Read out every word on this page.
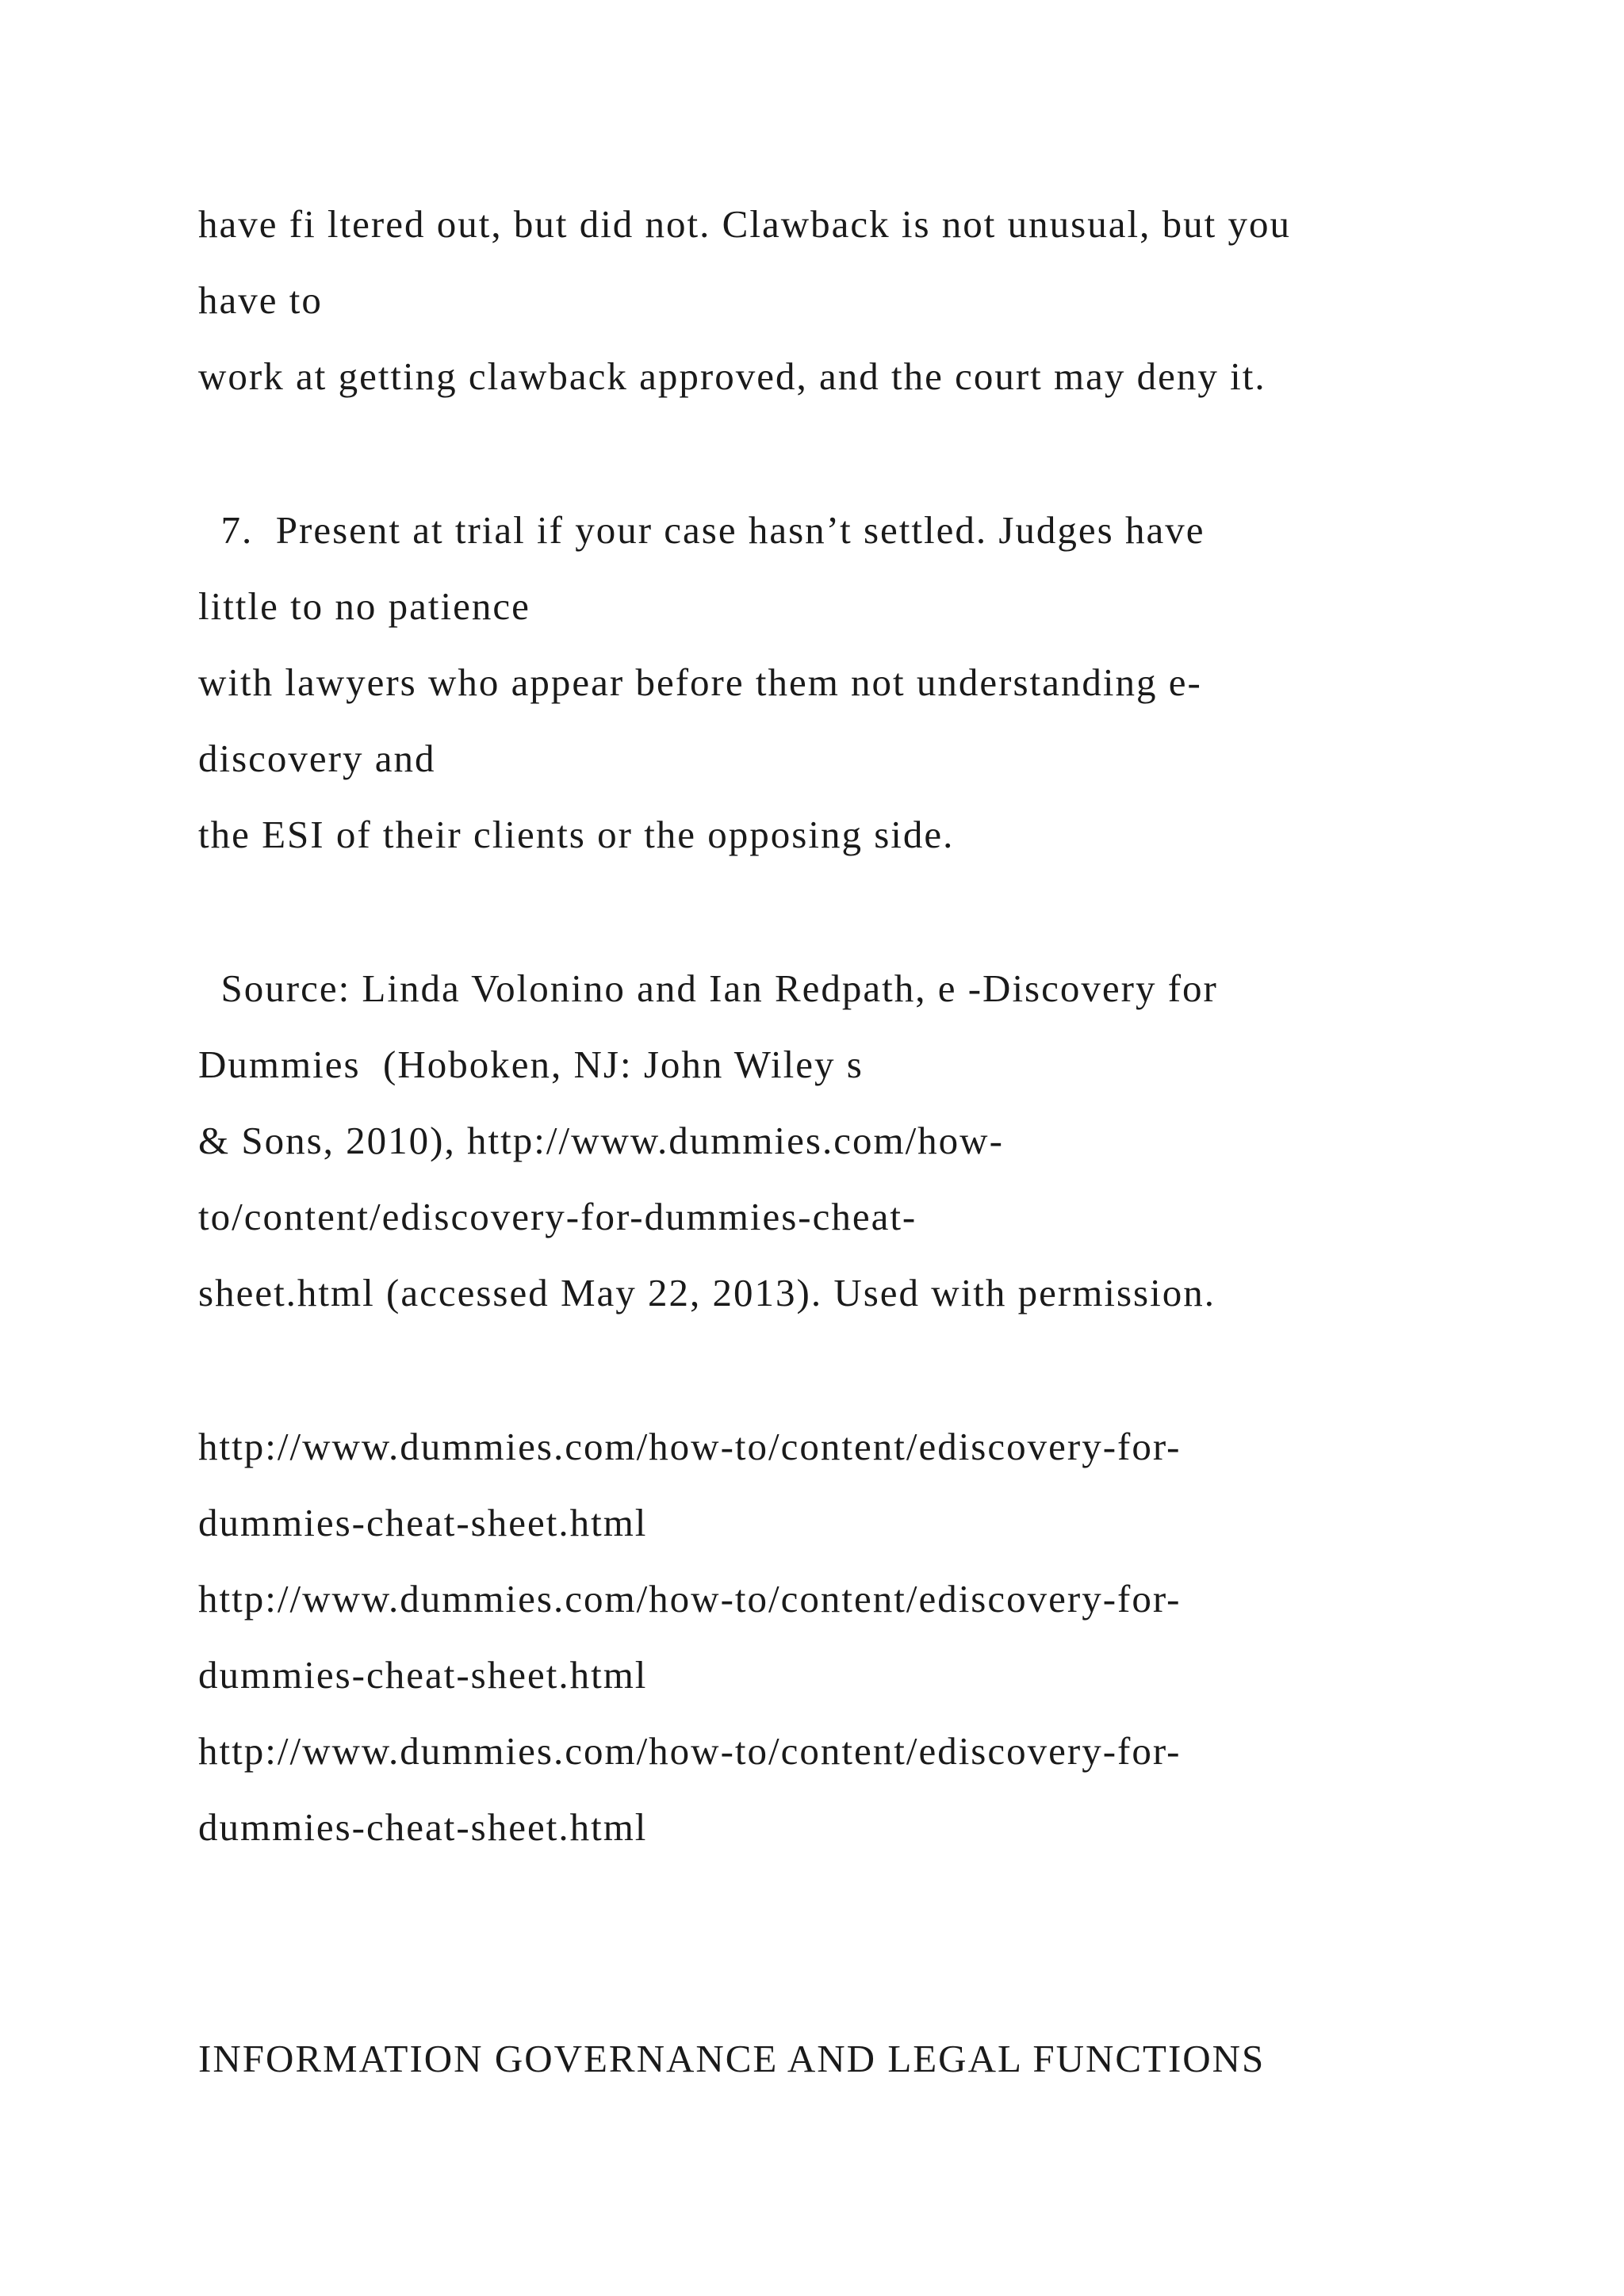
have fi ltered out, but did not. Clawback is not unusual, but you
have to
work at getting clawback approved, and the court may deny it.
7.  Present at trial if your case hasn’t settled. Judges have
little to no patience
with lawyers who appear before them not understanding e-
discovery and
the ESI of their clients or the opposing side.
Source: Linda Volonino and Ian Redpath, e -Discovery for
Dummies  (Hoboken, NJ: John Wiley s
& Sons, 2010), http://www.dummies.com/how-
to/content/ediscovery-for-dummies-cheat-
sheet.html (accessed May 22, 2013). Used with permission.
http://www.dummies.com/how-to/content/ediscovery-for-
dummies-cheat-sheet.html
http://www.dummies.com/how-to/content/ediscovery-for-
dummies-cheat-sheet.html
http://www.dummies.com/how-to/content/ediscovery-for-
dummies-cheat-sheet.html
INFORMATION GOVERNANCE AND LEGAL FUNCTIONS
